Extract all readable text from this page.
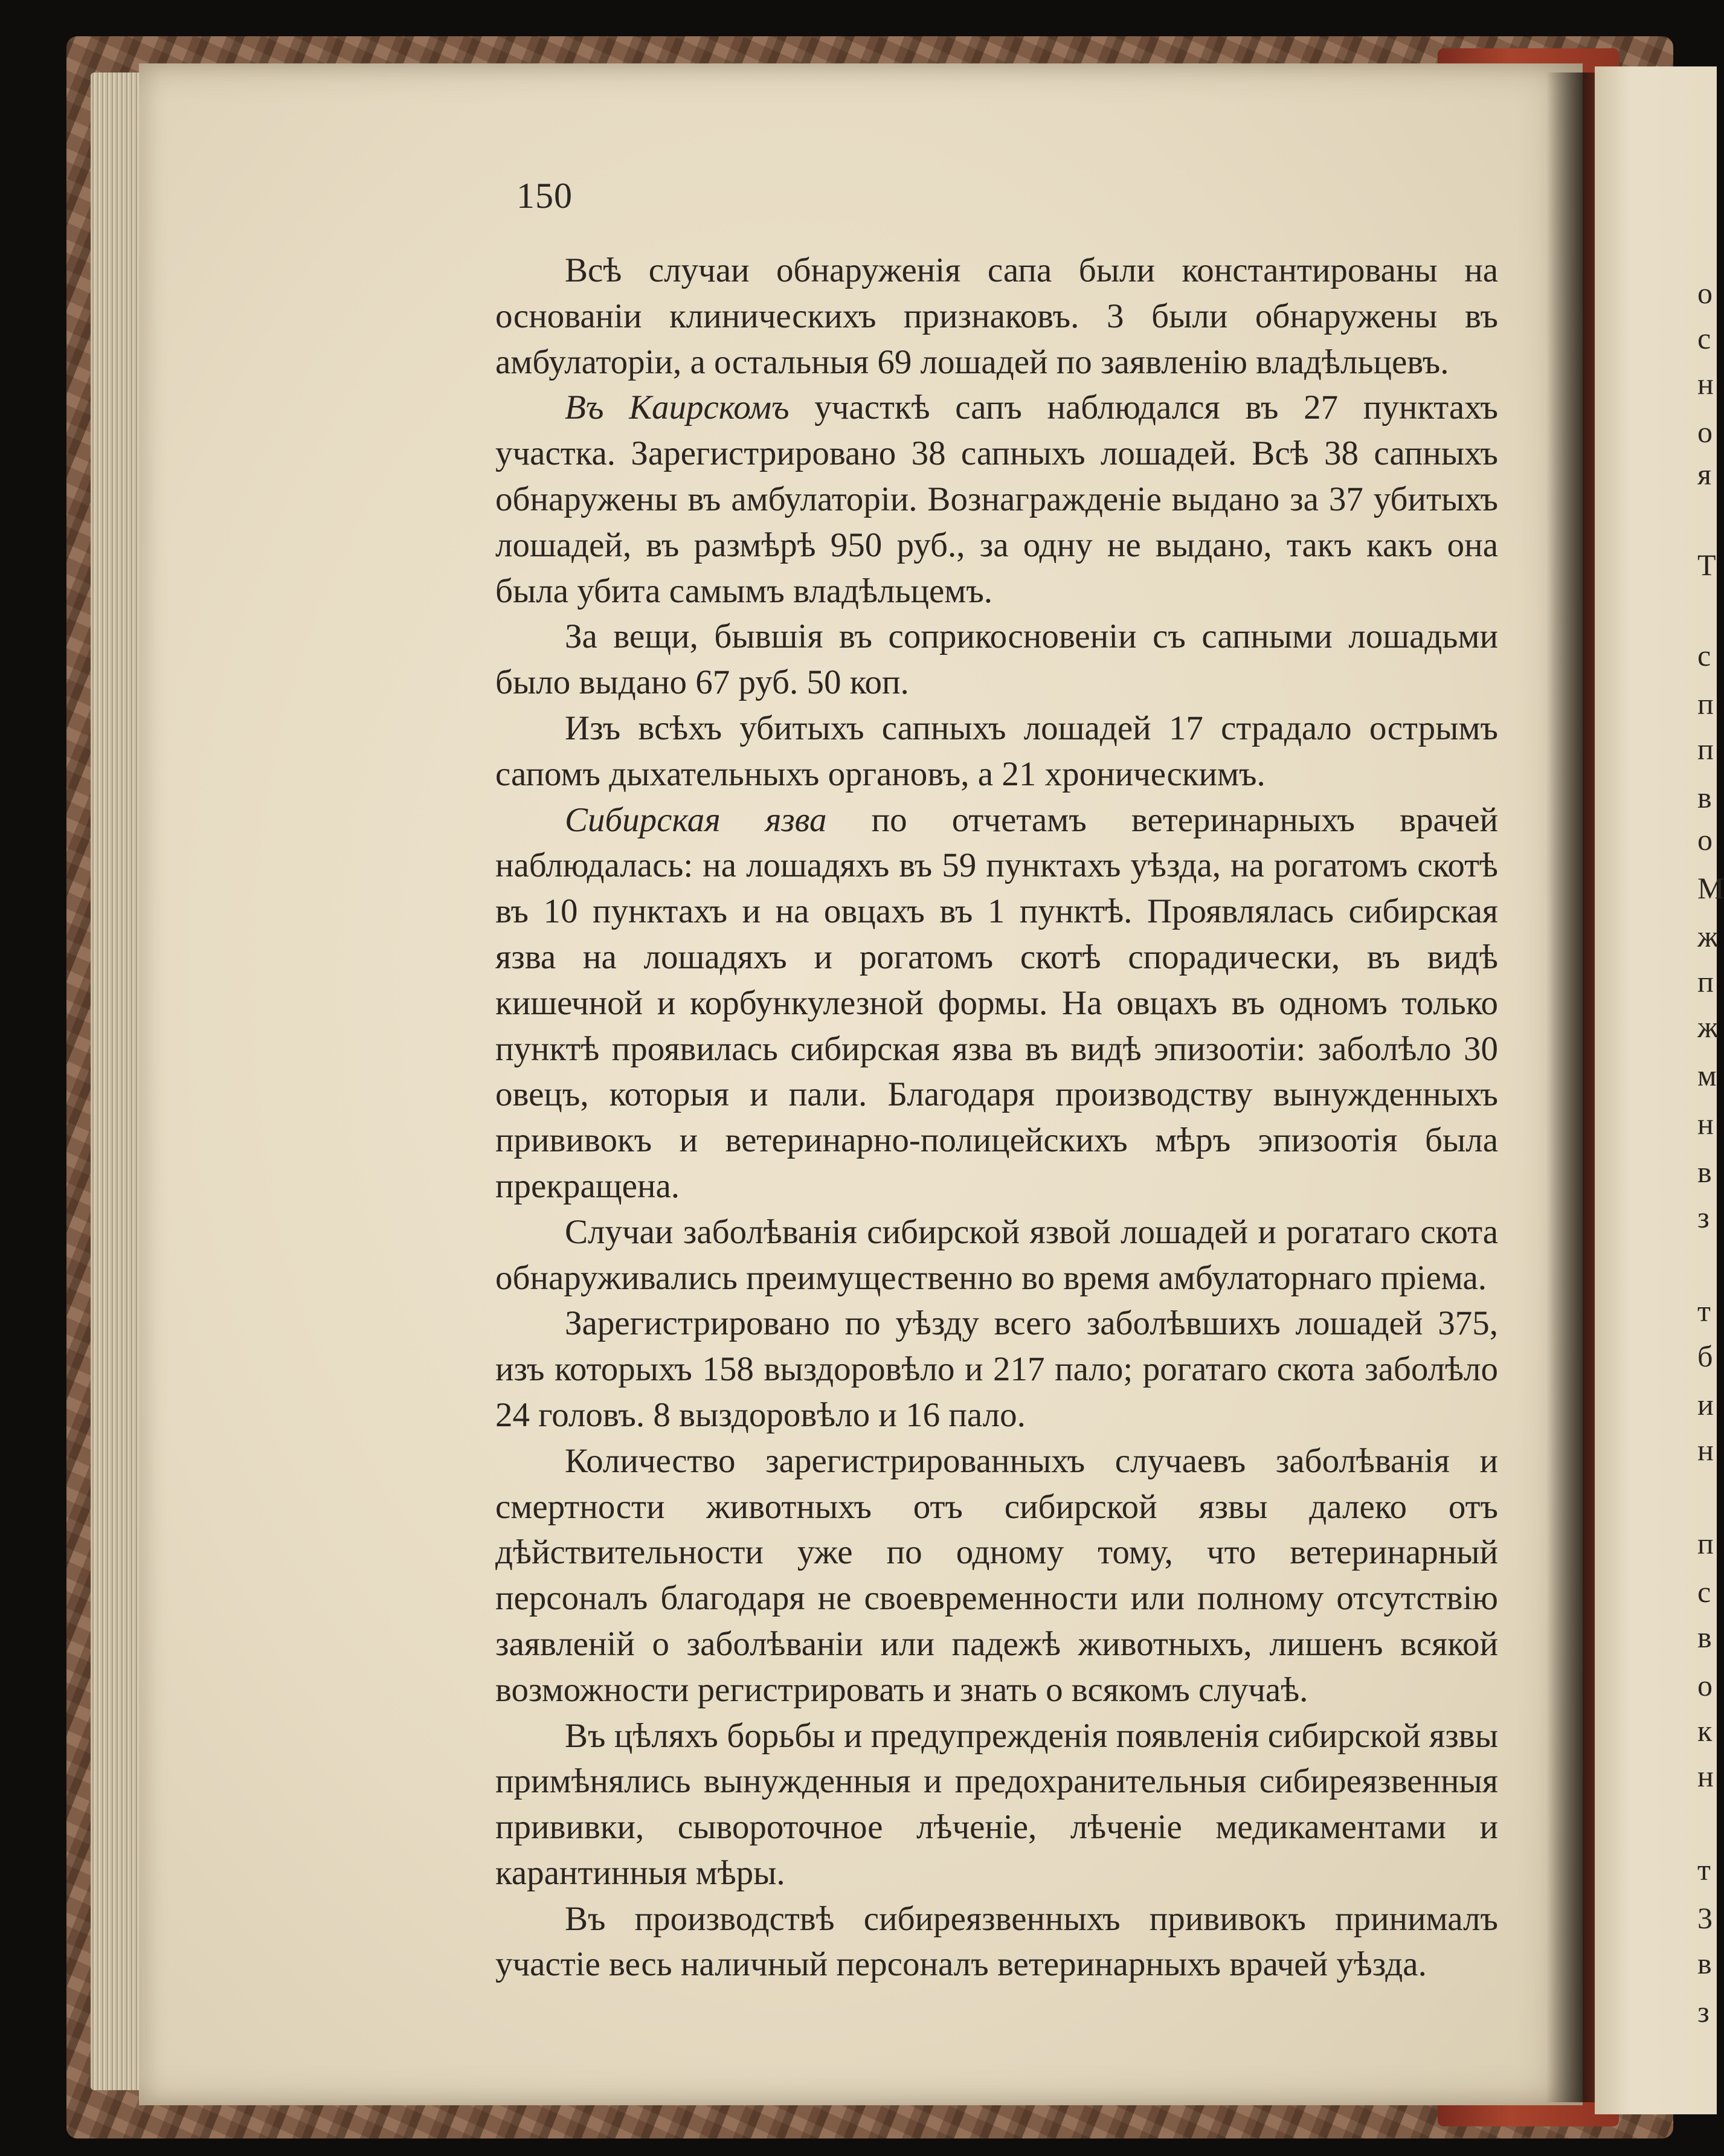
150

Всѣ случаи обнаруженія сапа были константированы на основаніи клиническихъ признаковъ. 3 были обнаружены въ амбулаторіи, а остальныя 69 лошадей по заявленію владѣльцевъ.

Въ Каирскомъ участкѣ сапъ наблюдался въ 27 пунктахъ участка. Зарегистрировано 38 сапныхъ лошадей. Всѣ 38 сапныхъ обнаружены въ амбулаторіи. Вознагражденіе выдано за 37 убитыхъ лошадей, въ размѣрѣ 950 руб., за одну не выдано, такъ какъ она была убита самымъ владѣльцемъ.

За вещи, бывшія въ соприкосновеніи съ сапными лошадьми было выдано 67 руб. 50 коп.

Изъ всѣхъ убитыхъ сапныхъ лошадей 17 страдало острымъ сапомъ дыхательныхъ органовъ, а 21 хроническимъ.

Сибирская язва по отчетамъ ветеринарныхъ врачей наблюдалась: на лошадяхъ въ 59 пунктахъ уѣзда, на рогатомъ скотѣ въ 10 пунктахъ и на овцахъ въ 1 пунктѣ. Проявлялась сибирская язва на лошадяхъ и рогатомъ скотѣ спорадически, въ видѣ кишечной и корбункулезной формы. На овцахъ въ одномъ только пунктѣ проявилась сибирская язва въ видѣ эпизоотіи: заболѣло 30 овецъ, которыя и пали. Благодаря производству вынужденныхъ прививокъ и ветеринарно-полицейскихъ мѣръ эпизоотія была прекращена.

Случаи заболѣванія сибирской язвой лошадей и рогатаго скота обнаруживались преимущественно во время амбулаторнаго пріема.

Зарегистрировано по уѣзду всего заболѣвшихъ лошадей 375, изъ которыхъ 158 выздоровѣло и 217 пало; рогатаго скота заболѣло 24 головъ. 8 выздоровѣло и 16 пало.

Количество зарегистрированныхъ случаевъ заболѣванія и смертности животныхъ отъ сибирской язвы далеко отъ дѣйствительности уже по одному тому, что ветеринарный персоналъ благодаря не своевременности или полному отсутствію заявленій о заболѣваніи или падежѣ животныхъ, лишенъ всякой возможности регистрировать и знать о всякомъ случаѣ.

Въ цѣляхъ борьбы и предупрежденія появленія сибирской язвы примѣнялись вынужденныя и предохранительныя сибиреязвенныя прививки, сывороточное лѣченіе, лѣченіе медикаментами и карантинныя мѣры.

Въ производствѣ сибиреязвенныхъ прививокъ принималъ участіе весь наличный персоналъ ветеринарныхъ врачей уѣзда.

о
с
н
о
я
Т
с
п
п
в
о
М
ж
п
ж
м
н
в
з
т
б
и
н
п
с
в
о
к
н
т
3
в
з
